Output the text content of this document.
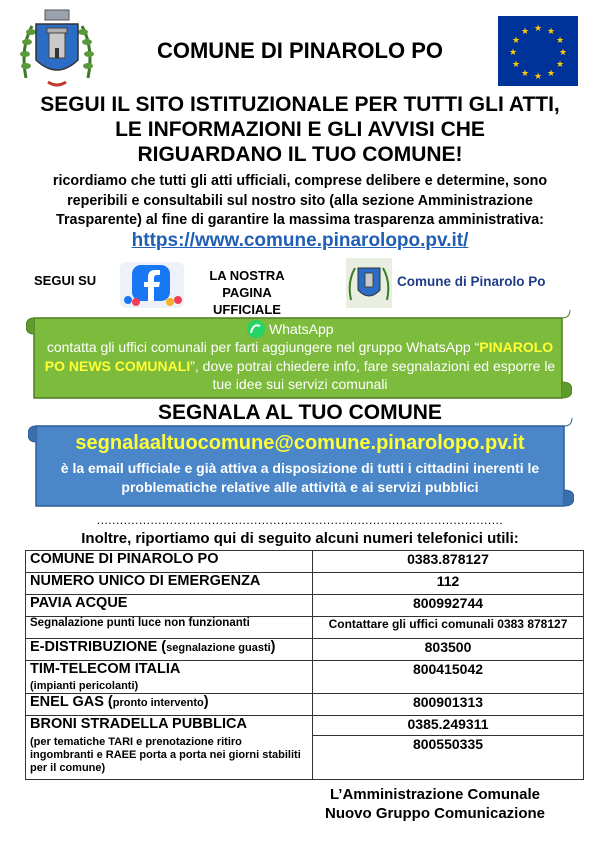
COMUNE DI PINAROLO PO
★ ★
★
★
★
★
★
★
★
★
★
★
SEGUI IL SITO ISTITUZIONALE PER TUTTI GLI ATTI, LE INFORMAZIONI E GLI AVVISI CHE RIGUARDANO IL TUO COMUNE!
ricordiamo che tutti gli atti ufficiali, comprese delibere e determine, sono reperibili e consultabili sul nostro sito (alla sezione Amministrazione Trasparente) al fine di garantire la massima trasparenza amministrativa:
https://www.comune.pinarolopo.pv.it/
SEGUI SU	LA NOSTRA PAGINA UFFICIALE
Comune di Pinarolo Po
WhatsApp
contatta gli uffici comunali per farti aggiungere nel gruppo WhatsApp “PINAROLO PO NEWS COMUNALI”, dove potrai chiedere info, fare segnalazioni ed esporre le tue idee sui servizi comunali
SEGNALA AL TUO COMUNE
segnalaaltuocomune@comune.pinarolopo.pv.it
è la email ufficiale e già attiva a disposizione di tutti i cittadini inerenti le problematiche relative alle attività e ai servizi pubblici
..........................................................................................................
Inoltre, riportiamo qui di seguito alcuni numeri telefonici utili:
COMUNE DI PINAROLO PO	0383.878127
NUMERO UNICO DI EMERGENZA	112
PAVIA ACQUE	800992744
Segnalazione punti luce non funzionanti	Contattare gli uffici comunali 0383 878127
E-DISTRIBUZIONE (segnalazione guasti)	803500
TIM-TELECOM ITALIA
(impianti pericolanti)	800415042
ENEL GAS (pronto intervento)	800901313
BRONI STRADELLA PUBBLICA	0385.249311
(per tematiche TARI e prenotazione ritiro ingombranti e RAEE porta a porta nei giorni stabiliti per il comune)	800550335
L’Amministrazione Comunale
Nuovo Gruppo Comunicazione
